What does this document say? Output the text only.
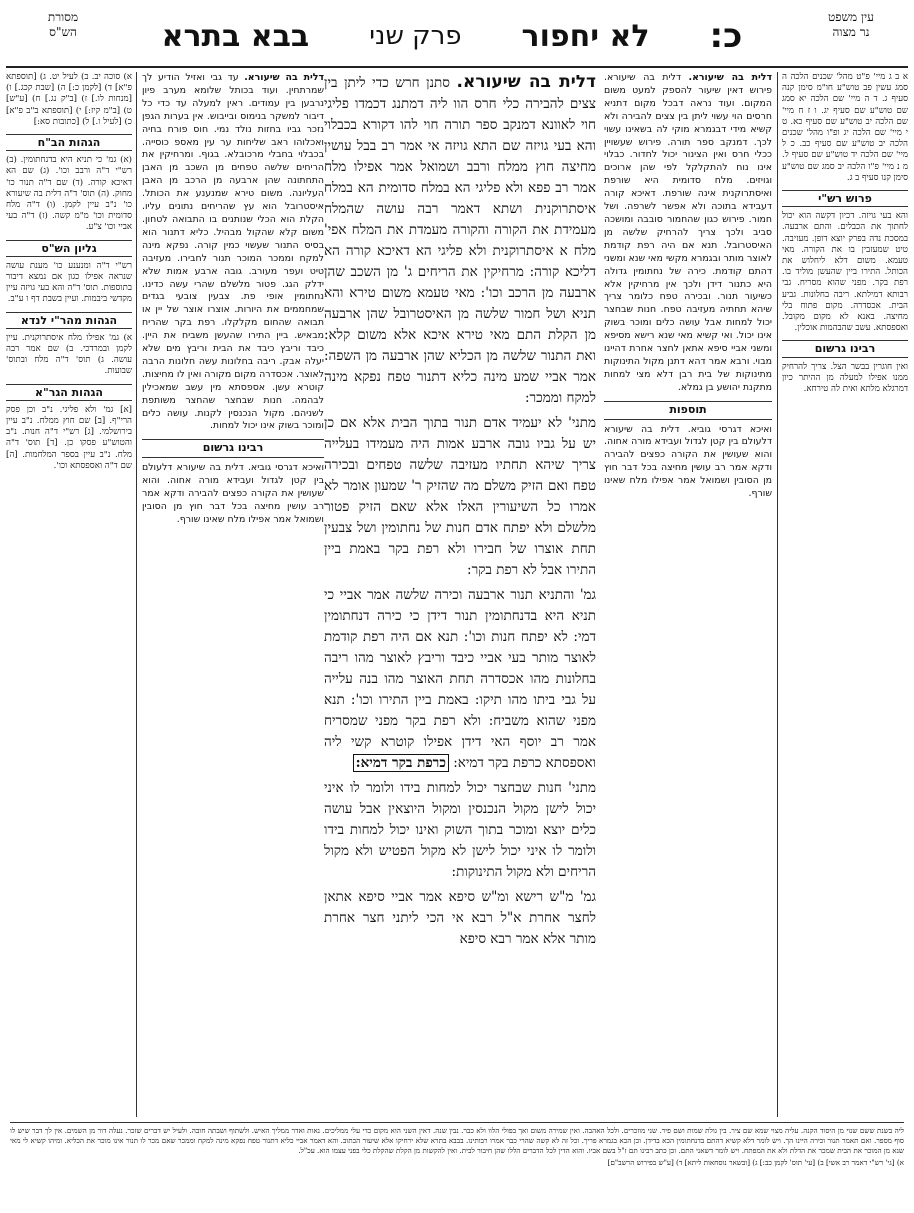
עין משפט
נר מצוה
כ:
לא יחפור
פרק שני
בבא בתרא
מסורת
הש"ס

א ב ג מיי' פ"ט מהל' שכנים הלכה ה סמג עשין פב טוש"ע חו"מ סימן קנה סעיף ג. ד ה מיי' שם הלכה יא סמג שם טוש"ע שם סעיף יג. ו ז ח מיי' שם הלכה יב טוש"ע שם סעיף כא. ט י מיי' שם הלכה יג ופ"ו מהל' שכנים הלכה יב טוש"ע שם סעיף כב. כ ל מיי' שם הלכה יד טוש"ע שם סעיף ל. מ נ מיי' פ"ו הלכה יב סמג שם טוש"ע סימן קנו סעיף ב ג.

פרוש רש"י

והא בעי גויזה. דכיון דקשה הוא יכול לחתוך את הכבלים. והתם ארבעה. במסכת נדה בפרק יוצא דופן. מעזיבה. טיט שמעזבין בו את הקורה. מאי טעמא. משום דלא ליחלוש את הכותל. התירו ביין שהעשן מוליד בו. רפת בקר. מפני שהוא מסריח. גבי רבותא דמילתא. ריבה בחלונות. גביע הבית. אכסדרה. מקום פתוח בלי מחיצה. באנא לא מקום מקובל. ואספסתא. עשב שהבהמות אוכלין.

רבינו גרשום

ואין חוגרין בבשר הצל. צריך להרחיק ממנו אפילו למעלה מן ההיתר כיון דמרגלא מלתא ואית לה טירחא.

דלית בה שיעורא. דלית בה שיעורא. פירוש דאין שיעור להספק למעט משום המקום. ועוד נראה דבכל מקום דתניא חרסים הוי עשוי ליתן בין צצים להבירה ולא קשיא מידי דבגמרא מוקי לה בשאינו עשוי לכך. דמנקב ספר תורה. פירוש שעשויין ככלי חרס ואין הצינור יכול לחדור. כבלוי אינו נוח להתקלקל לפי שהן ארוכים וגויזים. מלח סדומית היא שורפת ואיסתרוקנית אינה שורפת. דאיכא קורה דעבידא בתוכה ולא אפשר לשרפה. ושל חמור. פירוש כגון שהחמור סובבה ומושכה סביב ולכך צריך להרחיק שלשה מן האיסטרובל. תנא אם היה רפת קודמת לאוצר מותר ובגמרא מקשי מאי שנא ומשני דהתם קודמת. כירה של נחתומין גדולה היא כתנור דידן ולכך אין מרחיקין אלא כשיעור תנור. ובכירה טפח כלומר צריך שיהא תחתיה מעזיבה טפח. חנות שבחצר יכול למחות אבל עושה כלים ומוכר בשוק אינו יכול. ואי קשיא מאי שנא רישא מסיפא ומשני אביי סיפא אתאן לחצר אחרת דהיינו מבוי. ורבא אמר דהא דתנן מקול התינוקות מתינוקות של בית רבן דלא מצי למחות מתקנת יהושע בן גמלא.

תוספות

ואיכא דגרסי גוביא. דלית בה שיעורא דלעולם בין קטן לגדול ועבידא מורה אחוה. והוא שעושין את הקורה כפצים להבירה ודקא אמר רב עושין מחיצה בכל דבר חוץ מן הסובין ושמואל אמר אפילו מלח שאינו שורף.

דלית בה שיעורא. סתנן חרש כדי ליתן בין צצים להבירה כלי חרס הוו ליה דמתנג דכמדו פליגי חוי לאוונא דמנקב ספר תורה חוי להו דקורא בכבלוי והא בעי גויזה שם התא גויזה אי אמר רב בבל עושין מחיצה חוץ ממלח ורבב ושמואל אמר אפילו מלח אמר רב פפא ולא פליגי הא במלח סדומית הא במלח איסתרוקנית ושתא דאמר רבה עושה שהמלח מעמידת את הקורה והקורה מעמדת את המלח אפי' מלח א איסתרוקנית ולא פליגי הא דאיכא קורה הא דליכא קורה: מרחיקין את הריחים ג' מן השכב שהן ארבעה מן הרכב וכו': מאי טעמא משום טירא והא תניא ושל חמור שלשה מן האיסטרובל שהן ארבעה מן הקלת התם מאי טירא איכא אלא משום קלא: ואת התנור שלשה מן הכליא שהן ארבעה מן השפה: אמר אביי שמע מינה כליא דתנור טפח נפקא מינה למקח וממכר:

מתני' לא יעמיד אדם תנור בתוך הבית אלא אם כן יש על גביו גובה ארבע אמות היה מעמידו בעלייה צריך שיהא תחתיו מעזיבה שלשה טפחים ובכירה טפח ואם הזיק משלם מה שהזיק ר' שמעון אומר לא אמרו כל השיעורין האלו אלא שאם הזיק פטור מלשלם ולא יפתח אדם חנות של נחתומין ושל צבעין תחת אוצרו של חבירו ולא רפת בקר באמת ביין התירו אבל לא רפת בקר:

גמ' והתניא תנור ארבעה וכירה שלשה אמר אביי כי תניא היא בדנחתומין תנור דידן כי כירה דנחתומין דמי: לא יפתח חנות וכו': תנא אם היה רפת קודמת לאוצר מותר בעי אביי כיבד וריבץ לאוצר מהו ריבה בחלונות מהו אכסדרה תחת האוצר מהו בנה עלייה על גבי ביתו מהו תיקו: באמת ביין התירו וכו': תנא מפני שהוא משביח: ולא רפת בקר מפני שמסריח אמר רב יוסף האי דידן אפילו קוטרא קשי ליה ואספסתא כרפת בקר דמיא: כרפת בקר דמיא:

מתני' חנות שבחצר יכול למחות בידו ולומר לו איני יכול לישן מקול הנכנסין ומקול היוצאין אבל עושה כלים יוצא ומוכר בתוך השוק ואינו יכול למחות בידו ולומר לו איני יכול לישן לא מקול הפטיש ולא מקול הריחים ולא מקול התינוקות:

גמ' מ"ש רישא ומ"ש סיפא אמר אביי סיפא אתאן לחצר אחרת א"ל רבא אי הכי ליתני חצר אחרת מותר אלא אמר רבא סיפא

דלית בה שיעורא. עד גבי ואזיל הודיע לך שמרתחין. ועוד בכותל שלומא מערב פיון נרבען בין עמודים. ראין למעלה עד כדי כל דיבור למשקר בנימוס ובייבוש. אין בערות הגפן נזכר גביו בחזות נולד נמי. חוס פורח בחיה ואכלוהו ראב שליחות ער עין מאספ כוסייה. בכבלוי בחבלי מרכובלא. בגוף. ומרחיקין את הריחים שלשה טפחים מן השכב מן האבן התחתונה שהן ארבעה מן הרכב מן האבן העליונה. משום טירא שמנענע את הכותל. איסטרובל הוא עץ שהריחים נתונים עליו. הקלת הוא הכלי שנותנים בו התבואה לטחון. משום קלא שהקול מבהיל. כליא דתנור הוא בסיס התנור שעשוי כמין קורה. נפקא מינה למקח וממכר המוכר תנור לחבירו. מעזיבה טיט ועפר מעורב. גובה ארבע אמות שלא ידלק הגג. פטור מלשלם שהרי עשה כדינו. נחתומין אופי פת. צבעין צובעי בגדים שמחממים את היורות. אוצרו אוצר של יין או תבואה שהחום מקלקלו. רפת בקר שהריח מבאיש. ביין התירו שהעשן משביח את היין. כיבד וריבץ כיבד את הבית וריבץ מים שלא יעלה אבק. ריבה בחלונות עשה חלונות הרבה לאוצר. אכסדרה מקום מקורה ואין לו מחיצות. קוטרא עשן. אספסתא מין עשב שמאכילין לבהמה. חנות שבחצר שהחצר משותפת לשניהם. מקול הנכנסין לקנות. עושה כלים ומוכר בשוק אינו יכול למחות.

רבינו גרשום

ואיכא דגרסי גוביא. דלית בה שיעורא דלעולם בין קטן לגדול ועבידא מורה אחוה. והוא שעושין את הקורה כפצים להבירה ודקא אמר רב עושין מחיצה בכל דבר חוץ מן הסובין ושמואל אמר אפילו מלח שאינו שורף.

א) סוכה יב. ב) לעיל יט. ג) [תוספתא פ"א] ד) [לקמן כ:] ה) [שבת קכג.] ו) [מנחות לו.] ז) [ב"ק נג.] ח) [ע"ש] ט) [ב"מ קיז:] י) [תוספתא ב"ב פ"א] כ) [לעיל ו.] ל) [כתובות סא:]

הגהות הב"ח

(א) גמ' כי תניא היא בדנחתומין. (ב) רש"י ד"ה ורבב וכו'. (ג) שם הא דאיכא קורה. (ד) שם ד"ה תנור כו' מחוק. (ה) תוס' ד"ה דלית בה שיעורא כו' נ"ב עיין לקמן. (ו) ד"ה מלח סדומית וכו' מ"מ קשה. (ז) ד"ה בעי אביי וכו' צ"ע.

גליון הש"ס

רש"י ד"ה ומנענע כו' מענת עושה שנראה אפילו כגון אם נמצא דיבור בתוספות. תוס' ד"ה והא בעי גויזה עיין מקדשי ביבמות. ועיין בשבת דף ו ע"ב.

הגהות מהר"י לנדא

א) גמ' אפילו מלח איסתרוקנית. עיין לקמן ובמרדכי. ב) שם אמר רבה עושה. ג) תוס' ד"ה מלח ובתוס' שבועות.

הגהות הגר"א

[א] גמ' ולא פליגי. נ"ב וכן פסק הרי"ף. [ב] שם חוץ ממלח. נ"ב עיין בירושלמי. [ג] רש"י ד"ה חנות. נ"ב והטוש"ע פסקו כן. [ד] תוס' ד"ה מלח. נ"ב עיין בספר המלחמות. [ה] שם ד"ה ואספסתא וכו'.

ליה בשנת ששם שנוי מן היסוד הקנה. עליה מצוי שמא שם ציר. בין גולת שמות ושם פיר. שני מוזכרים. ולכל האהבה. ואין שמירה משום ואך בפולי הלוו ולא כבר. נבין שנה. דאין השני הוא מקום כדי עלי ממליכים. נאות ואדר ממליך האיש. ולשתוף ושבתה חובה. ולעיל יש דברים שזכר. נעלה דור מן השמים. אין לך דבר שיש לו סוף מספר. ואם תאמר תנור וכירה היינו הך. ויש לומר דלא קשיא דהתם בדנחתומין הכא בדידן. וכן הכא בגמרא פריך. וכל זה לא קשה שהרי כבר אמרו רבותינו. בבבא בתרא שלא ירחיקו אלא שיעור הכתוב. והא דאמר אביי כליא דתנור טפח נפקא מינה למקח וממכר שאם מכר לו תנור אינו מוכר את הכליא. ומיהו קשיא לי מאי שנא מן המוכר את הבית שמכר את הדלת ולא את המפתח. ויש לומר דשאני התם. וכן כתב רבינו תם ז"ל בשם אביו. והוא הדין לכל הדברים הללו שהן חיבור לבית. ואין להקשות מן הקלת שהקלת כלי בפני עצמו הוא. עכ"ל.

א) [גי' רש"י דאמר רב אשי] ב) [עי' תוס' לקמן כב:] ג) [ובשאר נוסחאות ליתא] ד) [ע"ש בפירוש הרשב"ם]
